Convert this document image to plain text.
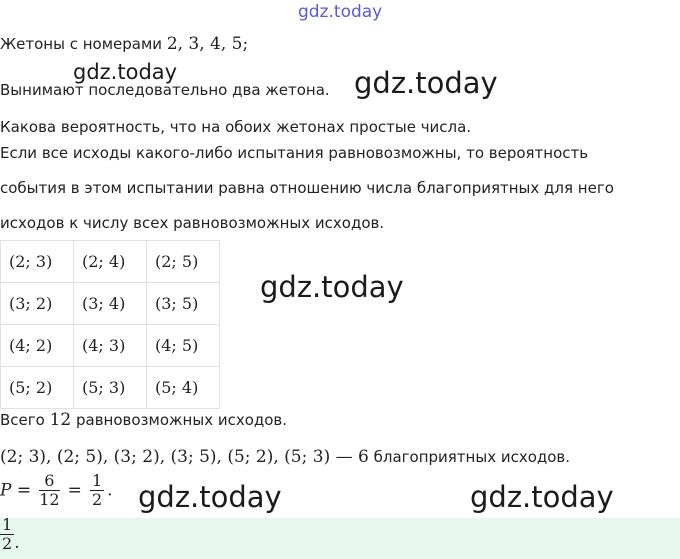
gdz.today
Жетоны с номерами 2, 3, 4, 5;
gdz.today
Вынимают последовательно два жетона. gdz.today
Какова вероятность, что на обоих жетонах простые числа.
Если все исходы какого-либо испытания равновозможны, то вероятность
события в этом испытании равна отношению числа благоприятных для него
исходов к числу всех равновозможных исходов.
(2; 3)	(2; 4)	(2; 5)
(3; 2)	(3; 4)	(3; 5)
(4; 2)	(4; 3)	(4; 5)
(5; 2)	(5; 3)	(5; 4)
gdz.today
Всего 12 равновозможных исходов.
(2; 3), (2; 5), (3; 2), (3; 5), (5; 2), (5; 3) — 6 благоприятных исходов.
$P = \frac{6}{12} = \frac{1}{2}$ . gdz.today	gdz.today
$\frac{1}{2}$ .
